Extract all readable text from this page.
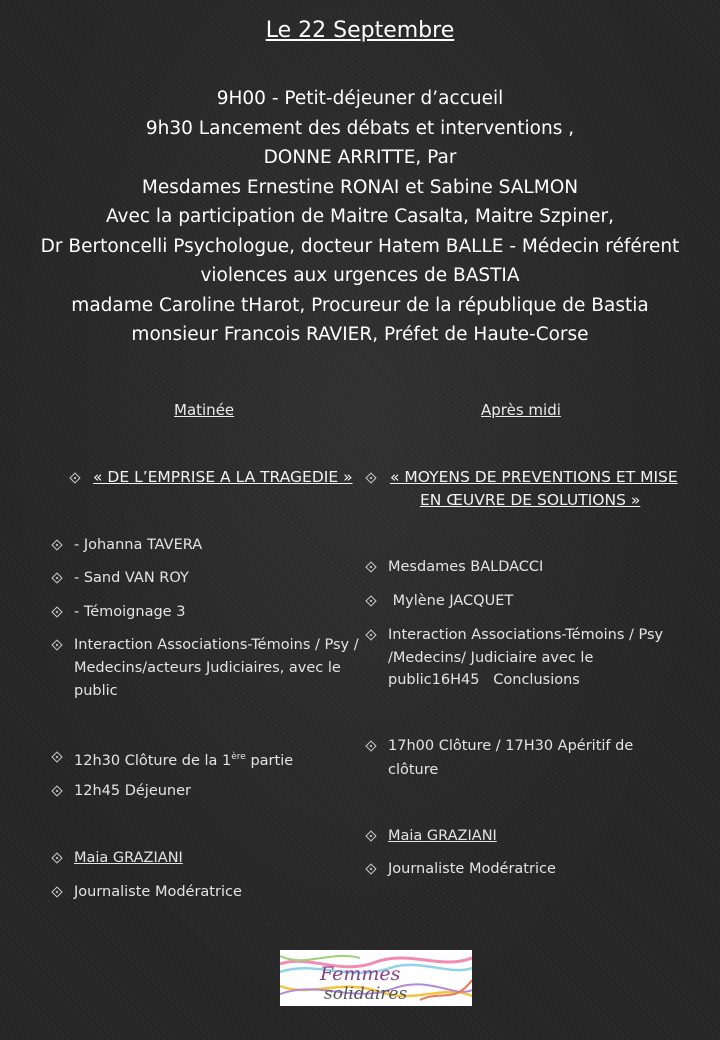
Le 22 Septembre
9H00 - Petit-déjeuner d’accueil
9h30 Lancement des débats et interventions ,
DONNE ARRITTE, Par
Mesdames Ernestine RONAI et Sabine SALMON
Avec la participation de Maitre Casalta, Maitre Szpiner,
Dr Bertoncelli Psychologue, docteur Hatem BALLE - Médecin référent
violences aux urgences de BASTIA
madame Caroline tHarot, Procureur de la république de Bastia
monsieur Francois RAVIER, Préfet de Haute-Corse
Matinée	Après midi
« DE L’EMPRISE A LA TRAGEDIE »
- Johanna TAVERA
- Sand VAN ROY
- Témoignage 3
Interaction Associations-Témoins / Psy /
Medecins/acteurs Judiciaires, avec le
public
12h30 Clôture de la 1ère partie
12h45 Déjeuner
Maia GRAZIANI
Journaliste Modératrice
« MOYENS DE PREVENTIONS ET MISE
EN ŒUVRE DE SOLUTIONS »
Mesdames BALDACCI
Mylène JACQUET
Interaction Associations-Témoins / Psy
/Medecins/ Judiciaire avec le
public16H45   Conclusions
17h00 Clôture / 17H30 Apéritif de
clôture
Maia GRAZIANI
Journaliste Modératrice
Femmes
solidaires
